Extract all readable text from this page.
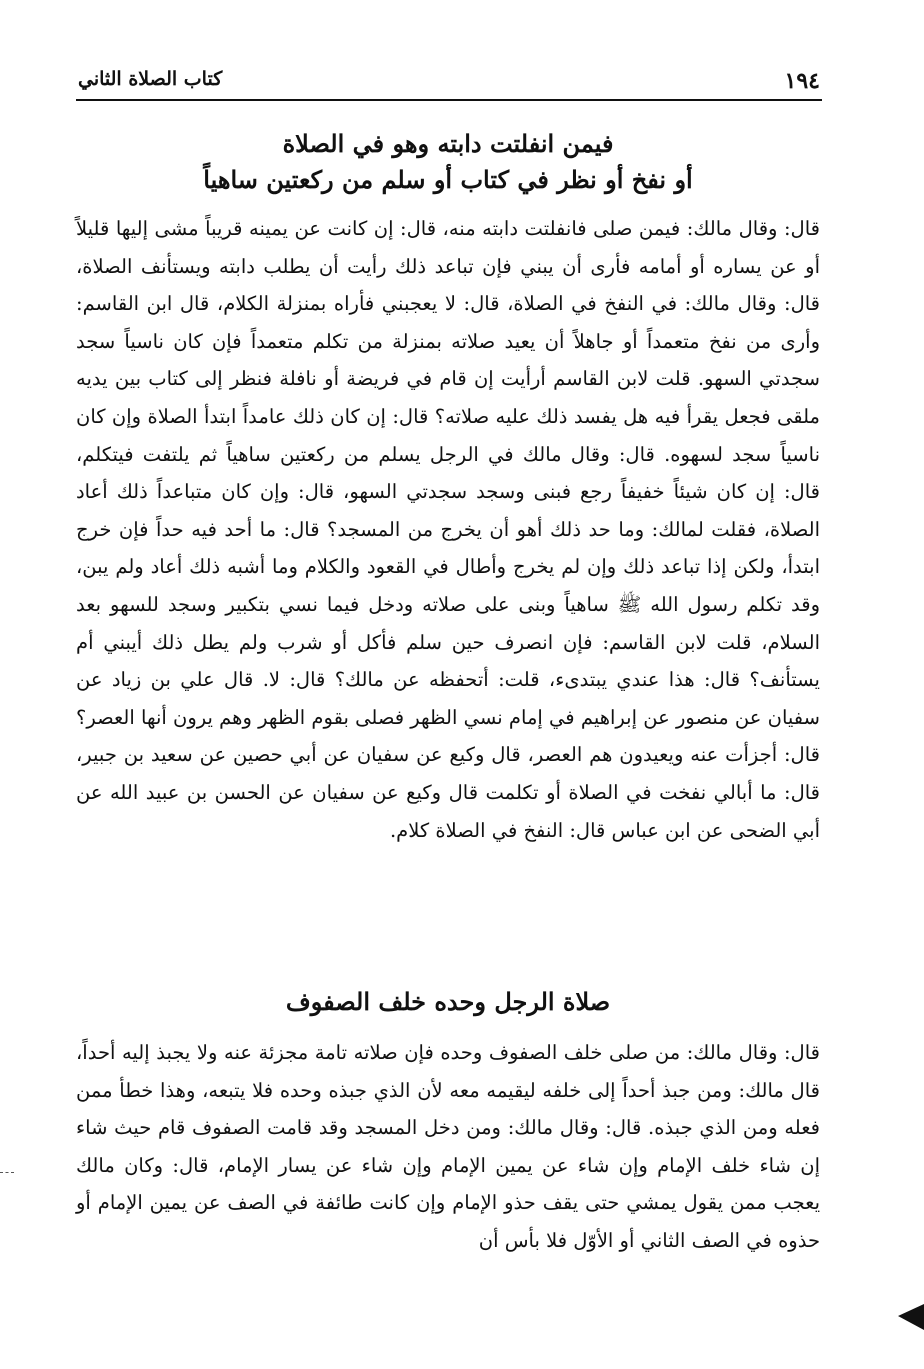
١٩٤
كتاب الصلاة الثاني

فيمن انفلتت دابته وهو في الصلاة

أو نفخ أو نظر في كتاب أو سلم من ركعتين ساهياً

قال: وقال مالك: فيمن صلى فانفلتت دابته منه، قال: إن كانت عن يمينه قريباً مشى إليها قليلاً أو عن يساره أو أمامه فأرى أن يبني فإن تباعد ذلك رأيت أن يطلب دابته ويستأنف الصلاة، قال: وقال مالك: في النفخ في الصلاة، قال: لا يعجبني فأراه بمنزلة الكلام، قال ابن القاسم: وأرى من نفخ متعمداً أو جاهلاً أن يعيد صلاته بمنزلة من تكلم متعمداً فإن كان ناسياً سجد سجدتي السهو. قلت لابن القاسم أرأيت إن قام في فريضة أو نافلة فنظر إلى كتاب بين يديه ملقى فجعل يقرأ فيه هل يفسد ذلك عليه صلاته؟ قال: إن كان ذلك عامداً ابتدأ الصلاة وإن كان ناسياً سجد لسهوه. قال: وقال مالك في الرجل يسلم من ركعتين ساهياً ثم يلتفت فيتكلم، قال: إن كان شيئاً خفيفاً رجع فبنى وسجد سجدتي السهو، قال: وإن كان متباعداً ذلك أعاد الصلاة، فقلت لمالك: وما حد ذلك أهو أن يخرج من المسجد؟ قال: ما أحد فيه حداً فإن خرج ابتدأ، ولكن إذا تباعد ذلك وإن لم يخرج وأطال في القعود والكلام وما أشبه ذلك أعاد ولم يبن، وقد تكلم رسول الله ﷺ ساهياً وبنى على صلاته ودخل فيما نسي بتكبير وسجد للسهو بعد السلام، قلت لابن القاسم: فإن انصرف حين سلم فأكل أو شرب ولم يطل ذلك أيبني أم يستأنف؟ قال: هذا عندي يبتدىء، قلت: أتحفظه عن مالك؟ قال: لا. قال علي بن زياد عن سفيان عن منصور عن إبراهيم في إمام نسي الظهر فصلى بقوم الظهر وهم يرون أنها العصر؟ قال: أجزأت عنه ويعيدون هم العصر، قال وكيع عن سفيان عن أبي حصين عن سعيد بن جبير، قال: ما أبالي نفخت في الصلاة أو تكلمت قال وكيع عن سفيان عن الحسن بن عبيد الله عن أبي الضحى عن ابن عباس قال: النفخ في الصلاة كلام.

صلاة الرجل وحده خلف الصفوف

قال: وقال مالك: من صلى خلف الصفوف وحده فإن صلاته تامة مجزئة عنه ولا يجبذ إليه أحداً، قال مالك: ومن جبذ أحداً إلى خلفه ليقيمه معه لأن الذي جبذه وحده فلا يتبعه، وهذا خطأ ممن فعله ومن الذي جبذه. قال: وقال مالك: ومن دخل المسجد وقد قامت الصفوف قام حيث شاء إن شاء خلف الإمام وإن شاء عن يمين الإمام وإن شاء عن يسار الإمام، قال: وكان مالك يعجب ممن يقول يمشي حتى يقف حذو الإمام وإن كانت طائفة في الصف عن يمين الإمام أو حذوه في الصف الثاني أو الأوّل فلا بأس أن
